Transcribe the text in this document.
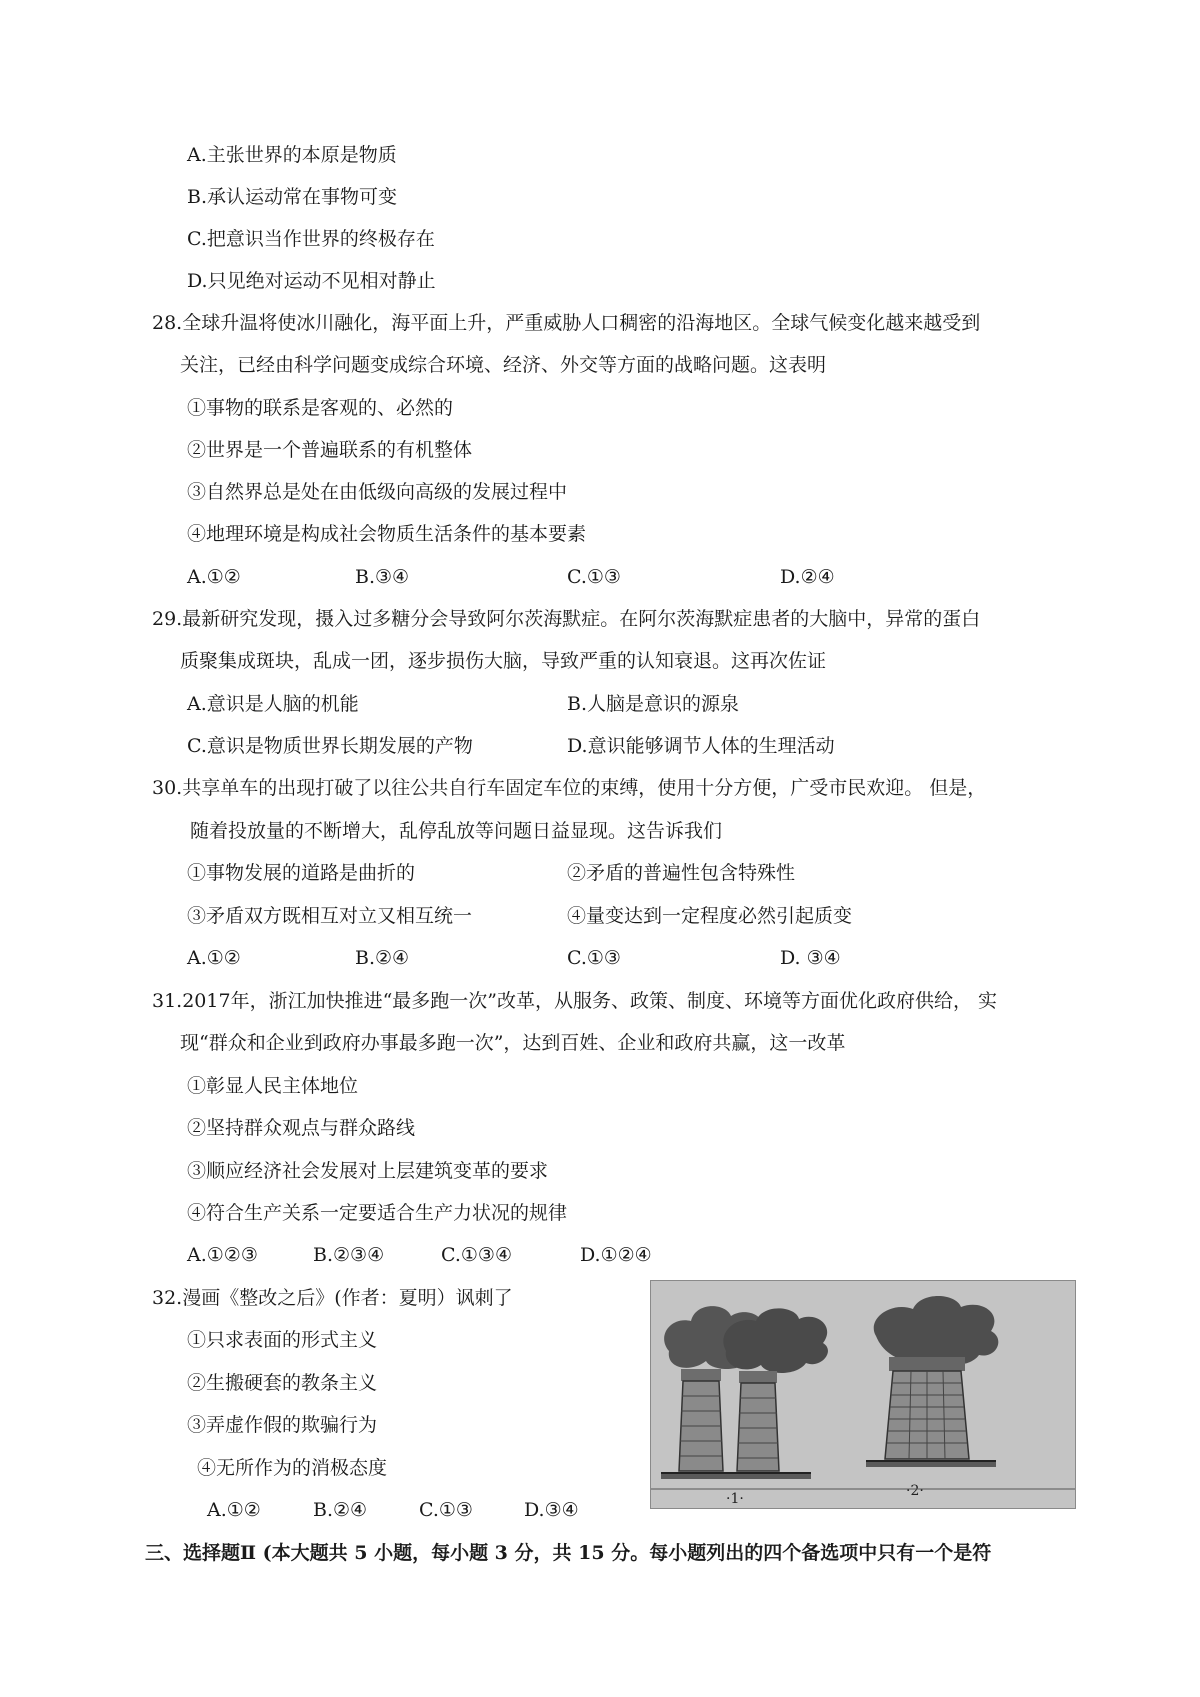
A.主张世界的本原是物质
B.承认运动常在事物可变
C.把意识当作世界的终极存在
D.只见绝对运动不见相对静止
28.全球升温将使冰川融化，海平面上升，严重威胁人口稠密的沿海地区。全球气候变化越来越受到
关注，已经由科学问题变成综合环境、经济、外交等方面的战略问题。这表明
①事物的联系是客观的、必然的
②世界是一个普遍联系的有机整体
③自然界总是处在由低级向高级的发展过程中
④地理环境是构成社会物质生活条件的基本要素
A.①②	B.③④	C.①③	D.②④
29.最新研究发现，摄入过多糖分会导致阿尔茨海默症。在阿尔茨海默症患者的大脑中，异常的蛋白
质聚集成斑块，乱成一团，逐步损伤大脑，导致严重的认知衰退。这再次佐证
A.意识是人脑的机能	B.人脑是意识的源泉
C.意识是物质世界长期发展的产物	D.意识能够调节人体的生理活动
30.共享单车的出现打破了以往公共自行车固定车位的束缚，使用十分方便，广受市民欢迎。 但是，
随着投放量的不断增大，乱停乱放等问题日益显现。这告诉我们
①事物发展的道路是曲折的	②矛盾的普遍性包含特殊性
③矛盾双方既相互对立又相互统一	④量变达到一定程度必然引起质变
A.①②	B.②④	C.①③	D. ③④
31.2017年，浙江加快推进“最多跑一次”改革，从服务、政策、制度、环境等方面优化政府供给， 实
现“群众和企业到政府办事最多跑一次”，达到百姓、企业和政府共赢，这一改革
①彰显人民主体地位
②坚持群众观点与群众路线
③顺应经济社会发展对上层建筑变革的要求
④符合生产关系一定要适合生产力状况的规律
A.①②③	B.②③④	C.①③④	D.①②④
32.漫画《整改之后》(作者：夏明）讽刺了
①只求表面的形式主义
②生搬硬套的教条主义
③弄虚作假的欺骗行为
④无所作为的消极态度
A.①②	B.②④	C.①③	D.③④	·1·	·2·
三、选择题Ⅱ (本大题共 5 小题，每小题 3 分，共 15 分。每小题列出的四个备选项中只有一个是符
